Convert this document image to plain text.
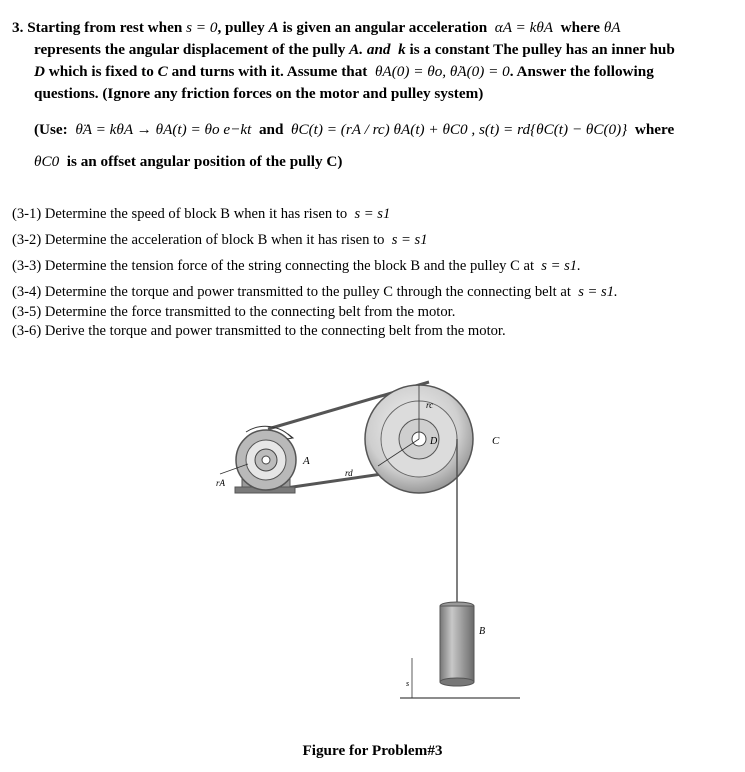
3. Starting from rest when s = 0, pulley A is given an angular acceleration αA = kθA where θA

represents the angular displacement of the pully A. and k is a constant The pulley has an inner hub

D which is fixed to C and turns with it. Assume that θA(0) = θo, θ̇A(0) = 0. Answer the following

questions. (Ignore any friction forces on the motor and pulley system)

(Use: θ̈A = kθA → θA(t) = θo e−kt and θC(t) = (rA / rc) θA(t) + θC0 , s(t) = rd{θC(t) − θC(0)} where

θC0 is an offset angular position of the pully C)

(3-1) Determine the speed of block B when it has risen to s = s1

(3-2) Determine the acceleration of block B when it has risen to s = s1

(3-3) Determine the tension force of the string connecting the block B and the pulley C at s = s1.

(3-4) Determine the torque and power transmitted to the pulley C through the connecting belt at s = s1.

(3-5) Determine the force transmitted to the connecting belt from the motor.

(3-6) Derive the torque and power transmitted to the connecting belt from the motor.

A
rA
rd
rc
D	C
B
s
Figure for Problem#3
